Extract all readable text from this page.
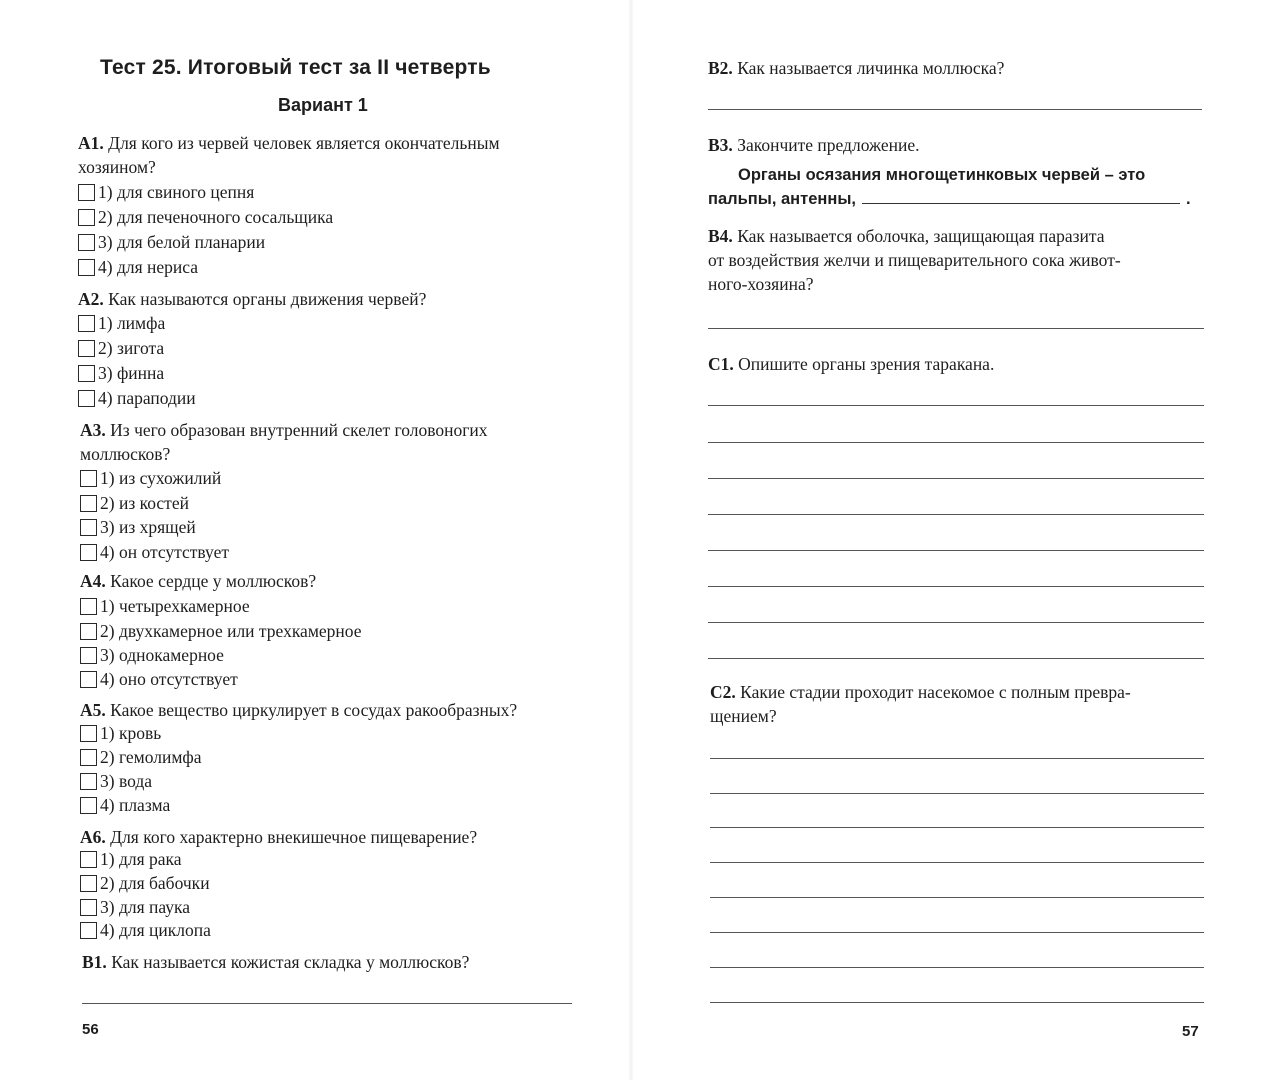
Тест 25. Итоговый тест за II четверть
Вариант 1
А1. Для кого из червей человек является окончательным
хозяином?
1) для свиного цепня
2) для печеночного сосальщика
3) для белой планарии
4) для нериса
А2. Как называются органы движения червей?
1) лимфа
2) зигота
3) финна
4) параподии
А3. Из чего образован внутренний скелет головоногих
моллюсков?
1) из сухожилий
2) из костей
3) из хрящей
4) он отсутствует
А4. Какое сердце у моллюсков?
1) четырехкамерное
2) двухкамерное или трехкамерное
3) однокамерное
4) оно отсутствует
А5. Какое вещество циркулирует в сосудах ракообразных?
1) кровь
2) гемолимфа
3) вода
4) плазма
А6. Для кого характерно внекишечное пищеварение?
1) для рака
2) для бабочки
3) для паука
4) для циклопа
В1. Как называется кожистая складка у моллюсков?
56
В2. Как называется личинка моллюска?
В3. Закончите предложение.
Органы осязания многощетинковых червей – это
пальпы, антенны,	.
В4. Как называется оболочка, защищающая паразита
от воздействия желчи и пищеварительного сока живот-
ного-хозяина?
С1. Опишите органы зрения таракана.
С2. Какие стадии проходит насекомое с полным превра-
щением?
57
